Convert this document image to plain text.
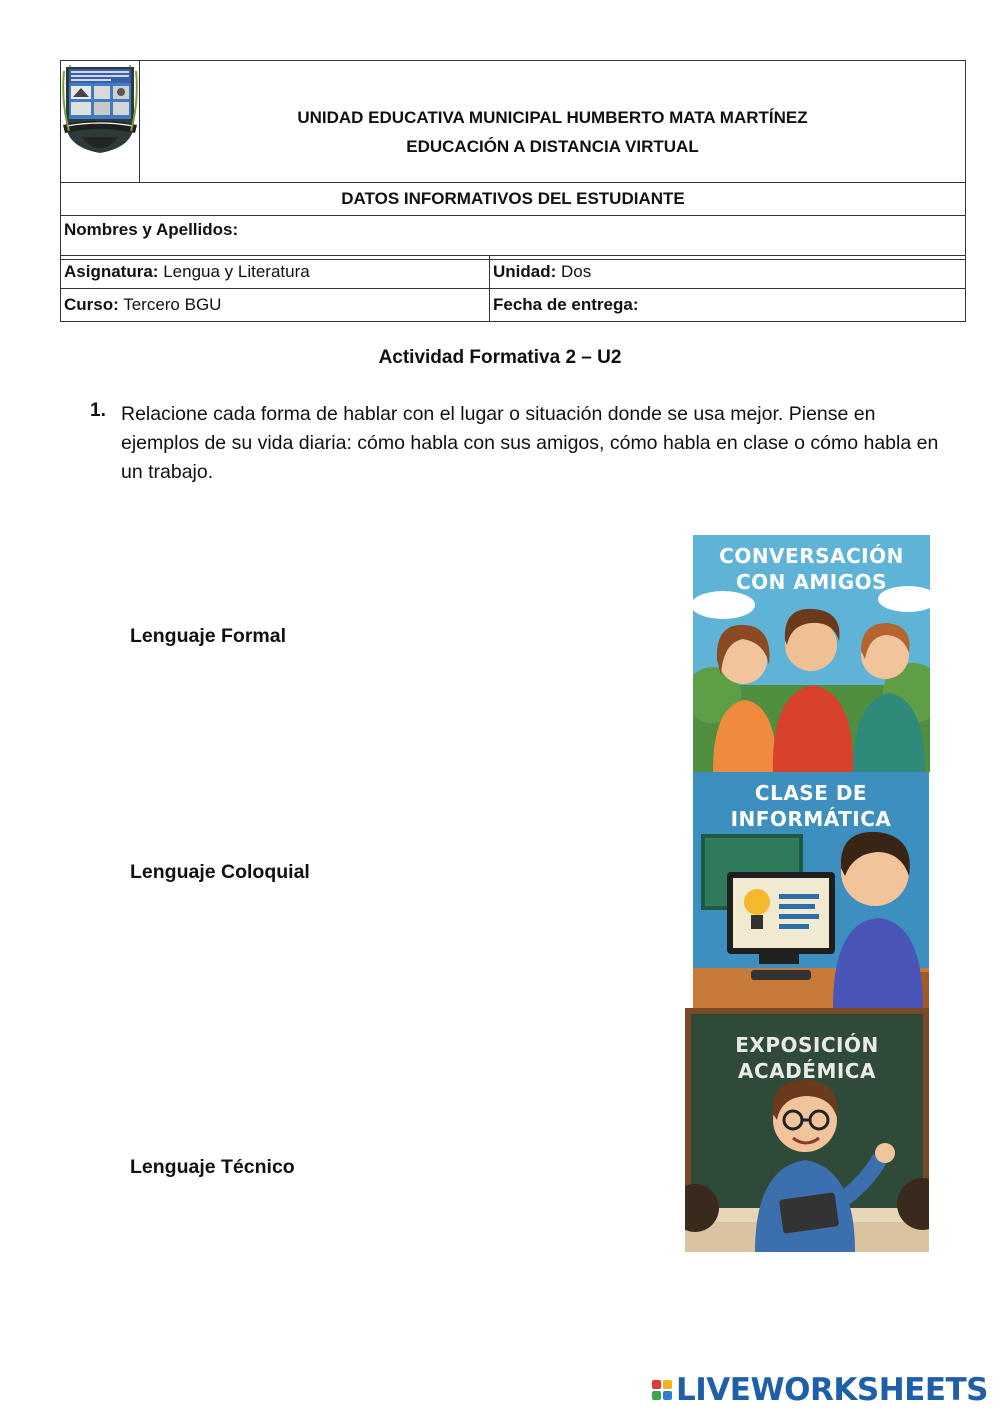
UNIDAD EDUCATIVA MUNICIPAL HUMBERTO MATA MARTÍNEZ
EDUCACIÓN A DISTANCIA VIRTUAL

DATOS INFORMATIVOS DEL ESTUDIANTE
Nombres y Apellidos:
Asignatura: Lengua y Literatura	Unidad: Dos
Curso: Tercero BGU	Fecha de entrega:
Actividad Formativa 2 – U2
1. Relacione cada forma de hablar con el lugar o situación donde se usa mejor. Piense en ejemplos de su vida diaria: cómo habla con sus amigos, cómo habla en clase o cómo habla en un trabajo.
Lenguaje Formal
Lenguaje Coloquial
Lenguaje Técnico
CONVERSACIÓN
CON AMIGOS
CLASE DE
INFORMÁTICA
EXPOSICIÓN
ACADÉMICA
LIVEWORKSHEETS
